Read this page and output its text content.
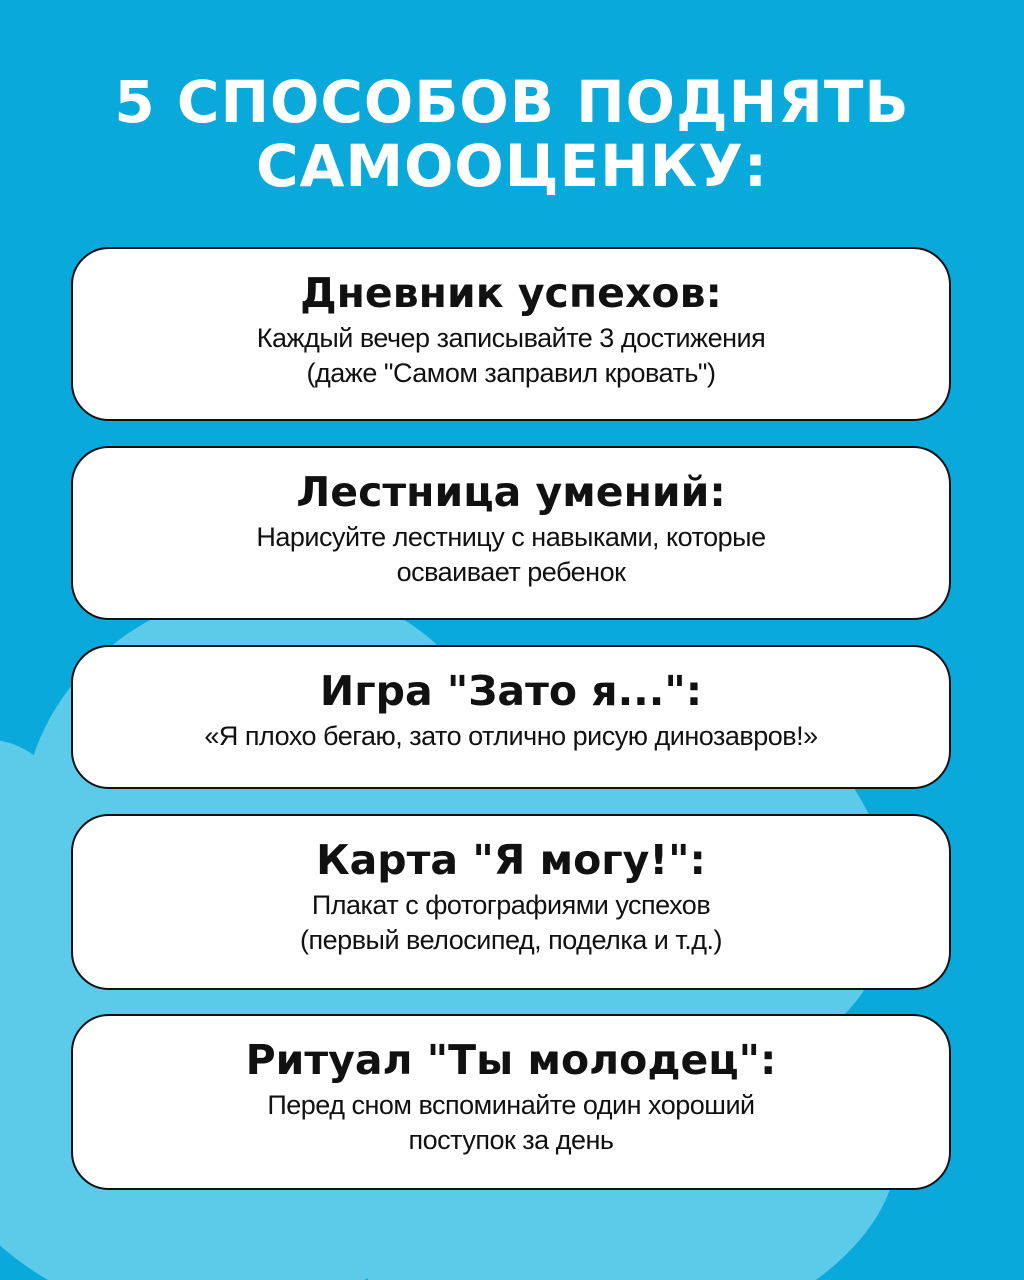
5 СПОСОБОВ ПОДНЯТЬ
САМООЦЕНКУ:
Дневник успехов:
Каждый вечер записывайте 3 достижения
(даже "Самом заправил кровать")
Лестница умений:
Нарисуйте лестницу с навыками, которые
осваивает ребенок
Игра "Зато я...":
«Я плохо бегаю, зато отлично рисую динозавров!»
Карта "Я могу!":
Плакат с фотографиями успехов
(первый велосипед, поделка и т.д.)
Ритуал "Ты молодец":
Перед сном вспоминайте один хороший
поступок за день
